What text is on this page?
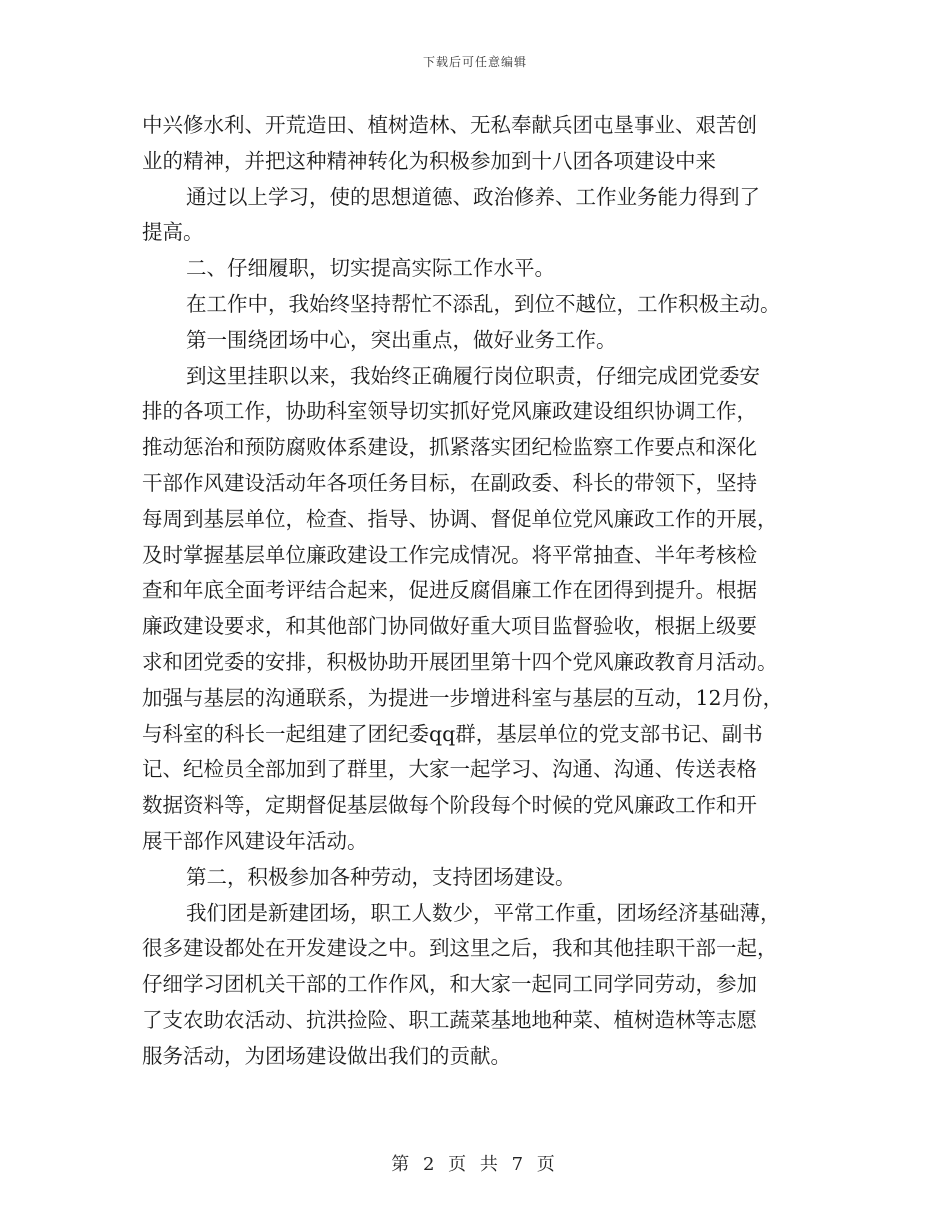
下载后可任意编辑
中兴修水利、开荒造田、植树造林、无私奉献兵团屯垦事业、艰苦创
业的精神，并把这种精神转化为积极参加到十八团各项建设中来
通过以上学习，使的思想道德、政治修养、工作业务能力得到了
提高。
二、仔细履职，切实提高实际工作水平。
在工作中，我始终坚持帮忙不添乱，到位不越位，工作积极主动。
第一围绕团场中心，突出重点，做好业务工作。
到这里挂职以来，我始终正确履行岗位职责，仔细完成团党委安
排的各项工作，协助科室领导切实抓好党风廉政建设组织协调工作，
推动惩治和预防腐败体系建设，抓紧落实团纪检监察工作要点和深化
干部作风建设活动年各项任务目标，在副政委、科长的带领下，坚持
每周到基层单位，检查、指导、协调、督促单位党风廉政工作的开展，
及时掌握基层单位廉政建设工作完成情况。将平常抽查、半年考核检
查和年底全面考评结合起来，促进反腐倡廉工作在团得到提升。根据
廉政建设要求，和其他部门协同做好重大项目监督验收，根据上级要
求和团党委的安排，积极协助开展团里第十四个党风廉政教育月活动。
加强与基层的沟通联系，为提进一步增进科室与基层的互动，12月份，
与科室的科长一起组建了团纪委qq群，基层单位的党支部书记、副书
记、纪检员全部加到了群里，大家一起学习、沟通、沟通、传送表格
数据资料等，定期督促基层做每个阶段每个时候的党风廉政工作和开
展干部作风建设年活动。
第二，积极参加各种劳动，支持团场建设。
我们团是新建团场，职工人数少，平常工作重，团场经济基础薄，
很多建设都处在开发建设之中。到这里之后，我和其他挂职干部一起，
仔细学习团机关干部的工作作风，和大家一起同工同学同劳动，参加
了支农助农活动、抗洪捡险、职工蔬菜基地地种菜、植树造林等志愿
服务活动，为团场建设做出我们的贡献。
第 2 页 共 7 页
